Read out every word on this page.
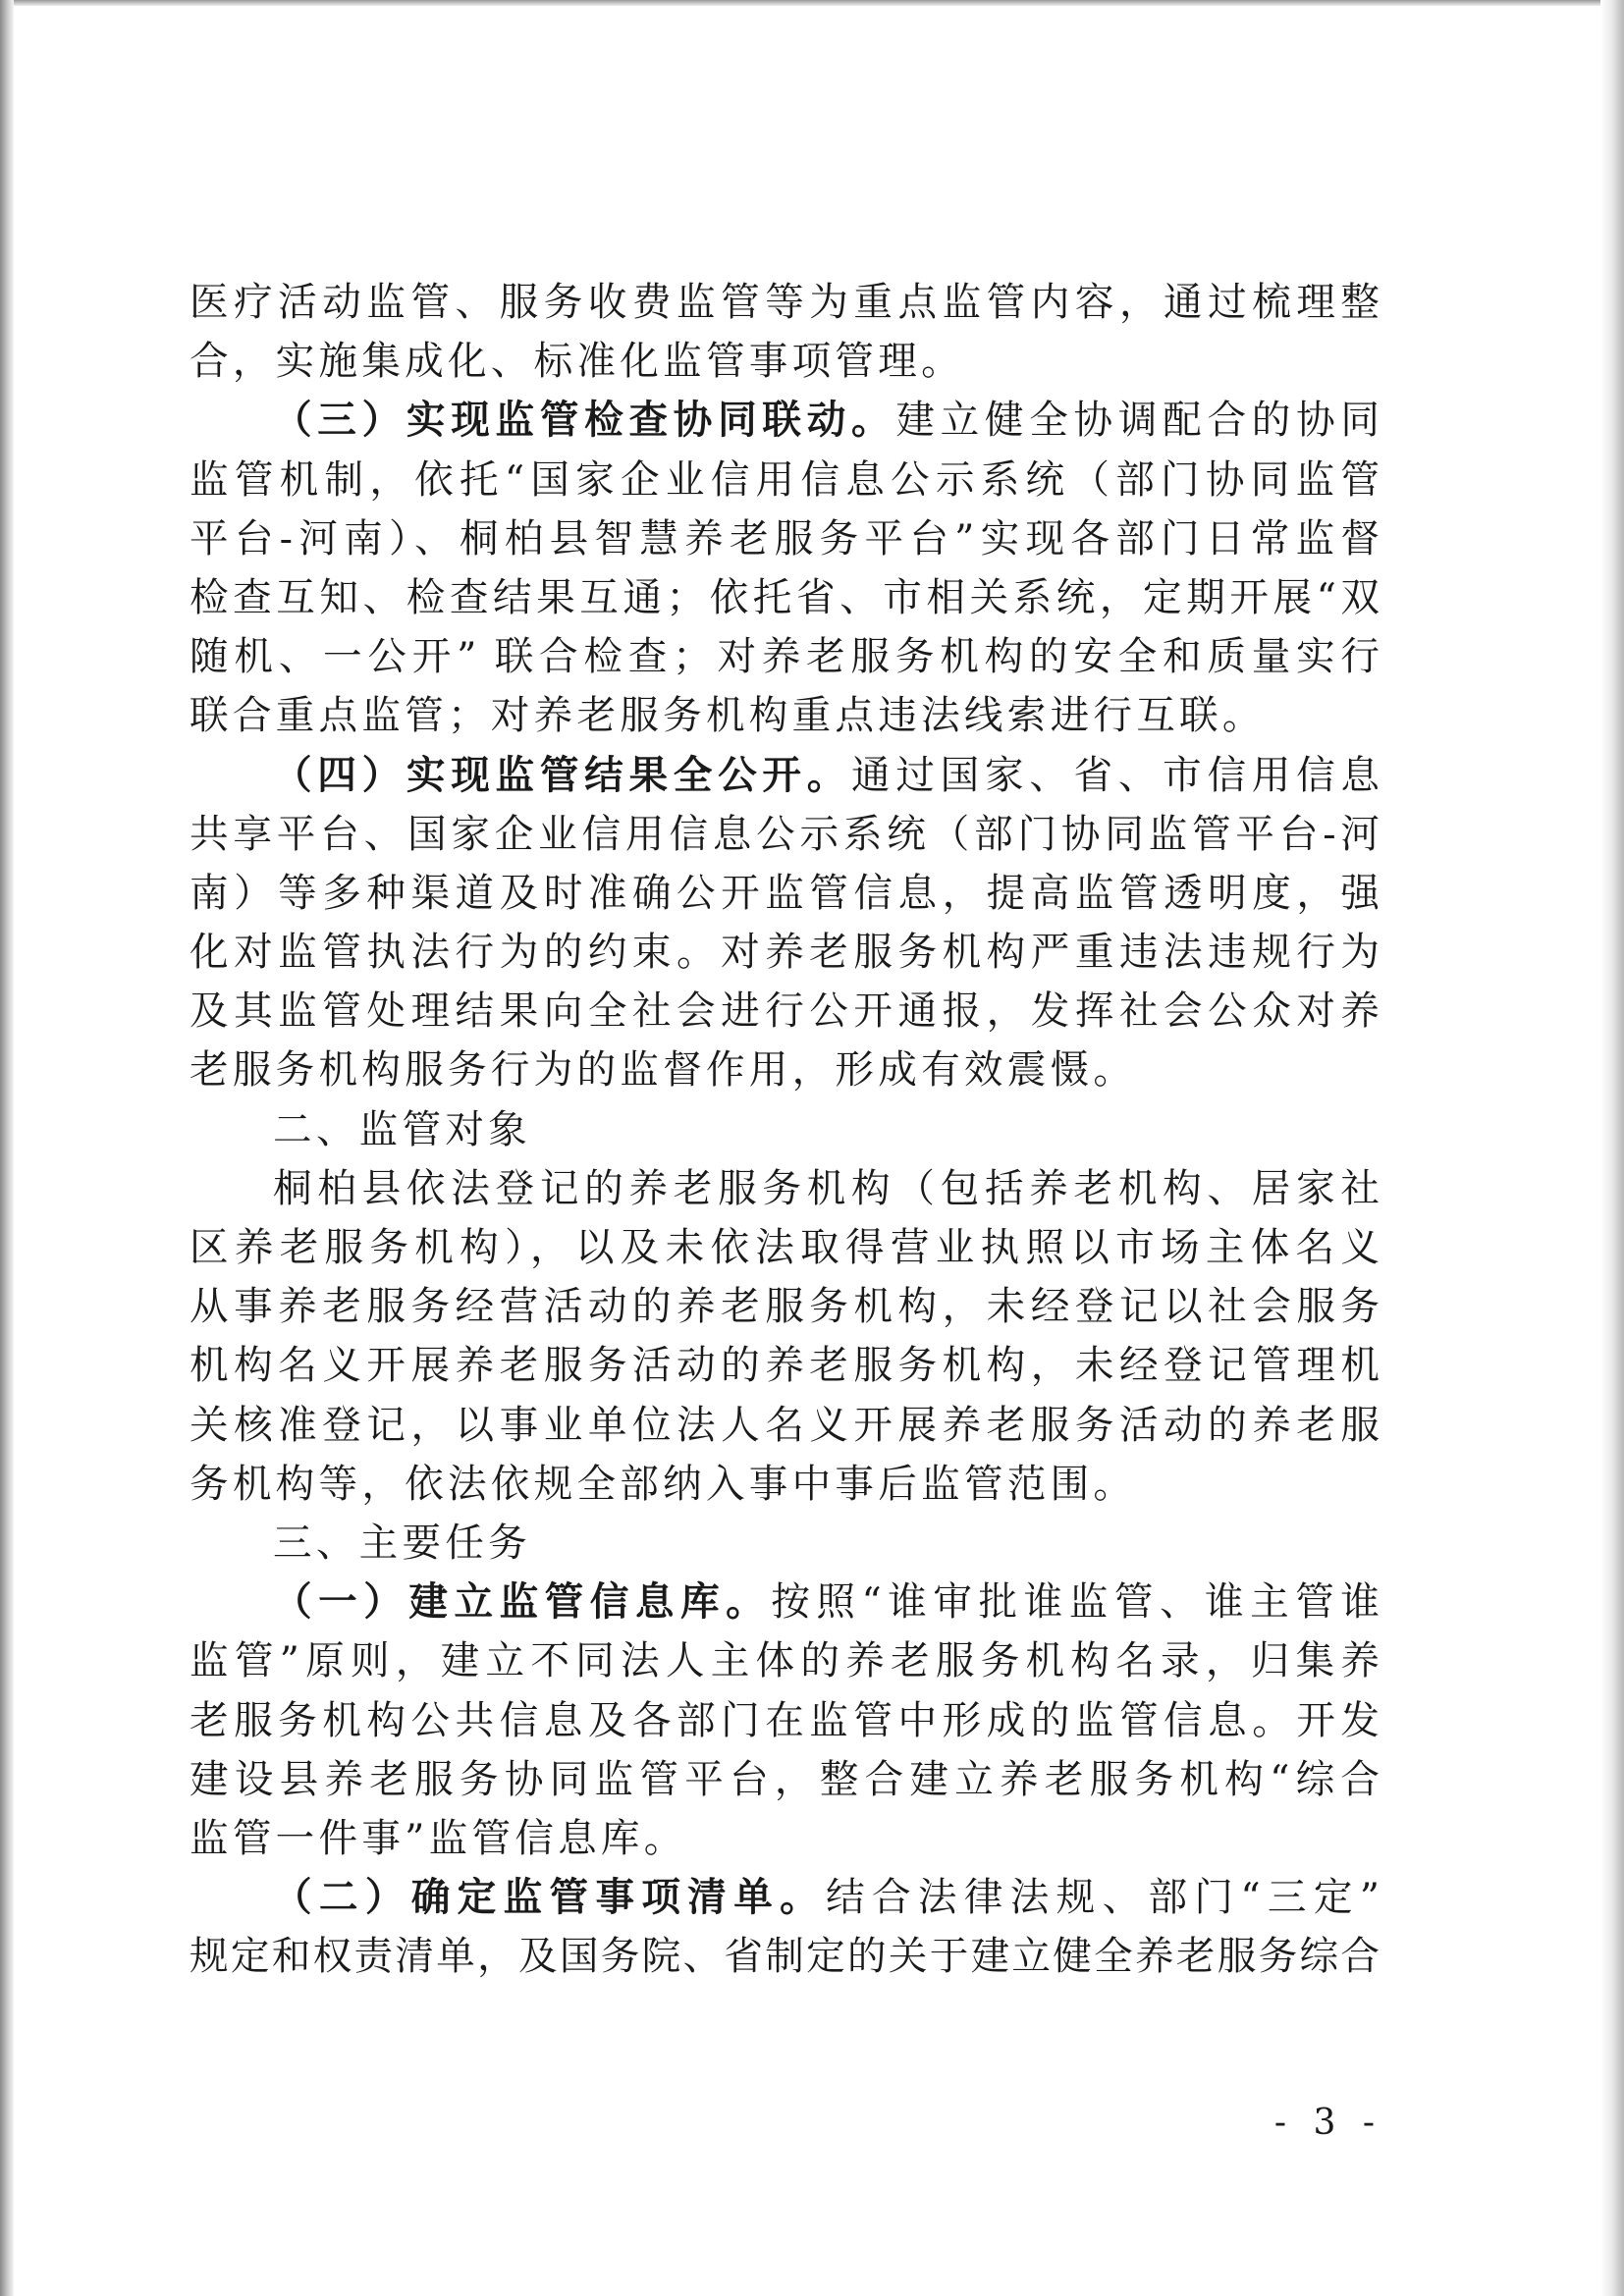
医疗活动监管、服务收费监管等为重点监管内容，通过梳理整
合，实施集成化、标准化监管事项管理。
（三）实现监管检查协同联动。建立健全协调配合的协同
监管机制，依托“国家企业信用信息公示系统（部门协同监管
平台-河南）、桐柏县智慧养老服务平台”实现各部门日常监督
检查互知、检查结果互通；依托省、市相关系统，定期开展“双
随机、一公开” 联合检查；对养老服务机构的安全和质量实行
联合重点监管；对养老服务机构重点违法线索进行互联。
（四）实现监管结果全公开。通过国家、省、市信用信息
共享平台、国家企业信用信息公示系统（部门协同监管平台-河
南）等多种渠道及时准确公开监管信息，提高监管透明度，强
化对监管执法行为的约束。对养老服务机构严重违法违规行为
及其监管处理结果向全社会进行公开通报，发挥社会公众对养
老服务机构服务行为的监督作用，形成有效震慑。
二、监管对象
桐柏县依法登记的养老服务机构（包括养老机构、居家社
区养老服务机构），以及未依法取得营业执照以市场主体名义
从事养老服务经营活动的养老服务机构，未经登记以社会服务
机构名义开展养老服务活动的养老服务机构，未经登记管理机
关核准登记，以事业单位法人名义开展养老服务活动的养老服
务机构等，依法依规全部纳入事中事后监管范围。
三、主要任务
（一）建立监管信息库。按照“谁审批谁监管、谁主管谁
监管”原则，建立不同法人主体的养老服务机构名录，归集养
老服务机构公共信息及各部门在监管中形成的监管信息。开发
建设县养老服务协同监管平台，整合建立养老服务机构“综合
监管一件事”监管信息库。
（二）确定监管事项清单。结合法律法规、部门“三定”
规定和权责清单，及国务院、省制定的关于建立健全养老服务综合
- 3 -
